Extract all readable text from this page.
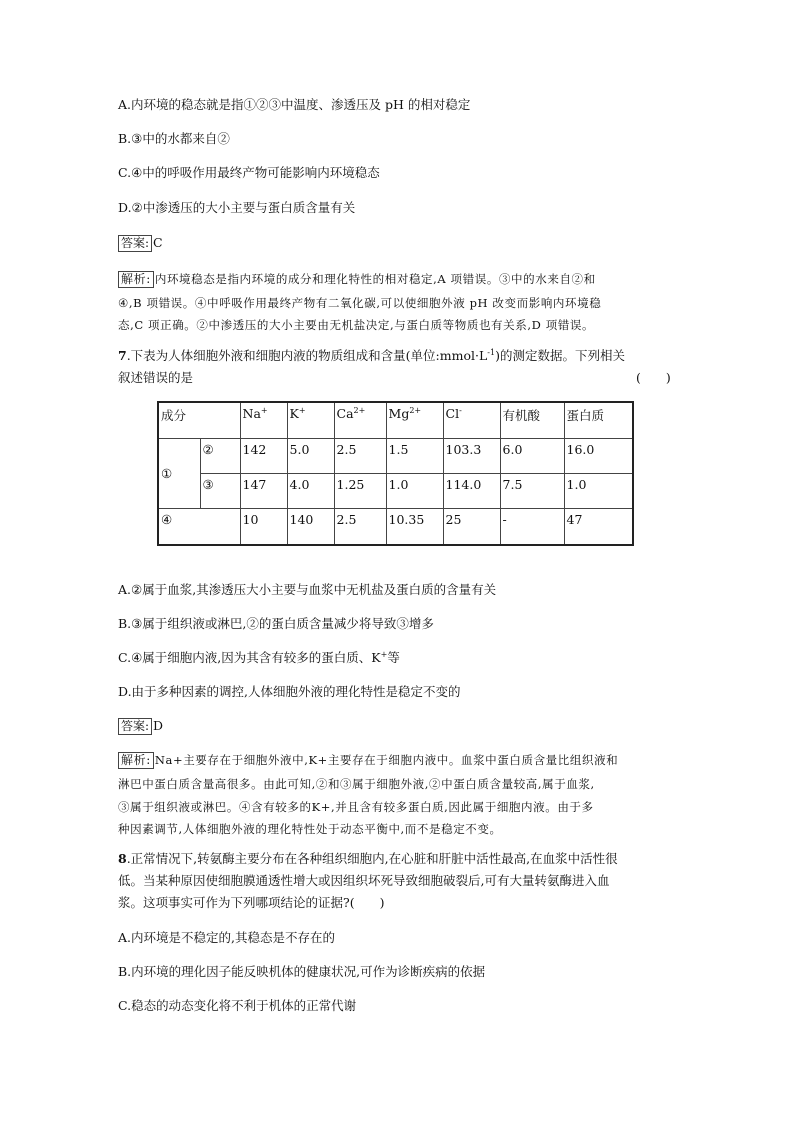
A.内环境的稳态就是指①②③中温度、渗透压及 pH 的相对稳定
B.③中的水都来自②
C.④中的呼吸作用最终产物可能影响内环境稳态
D.②中渗透压的大小主要与蛋白质含量有关
答案: C
解析: 内环境稳态是指内环境的成分和理化特性的相对稳定,A 项错误。③中的水来自②和
④,B 项错误。④中呼吸作用最终产物有二氧化碳,可以使细胞外液 pH 改变而影响内环境稳
态,C 项正确。②中渗透压的大小主要由无机盐决定,与蛋白质等物质也有关系,D 项错误。
7.下表为人体细胞外液和细胞内液的物质组成和含量(单位$:mmol\cdot L^{-1}$)的测定数据。下列相关
叙述错误的是	(　　)
成分		Na+	K+	$Ca^{2+}$	$Mg^{2+}$	Cl-	有机酸	蛋白质
①	②	142	5.0	2.5	1.5	103.3	6.0	16.0
	③	147	4.0	1.25	1.0	114.0	7.5	1.0
④		10	140	2.5	10.35	25	-	47
A.②属于血浆,其渗透压大小主要与血浆中无机盐及蛋白质的含量有关
B.③属于组织液或淋巴,②的蛋白质含量减少将导致③增多
C.④属于细胞内液,因为其含有较多的蛋白质、K+等
D.由于多种因素的调控,人体细胞外液的理化特性是稳定不变的
答案: D
解析: Na+主要存在于细胞外液中,K+主要存在于细胞内液中。血浆中蛋白质含量比组织液和
淋巴中蛋白质含量高很多。由此可知,②和③属于细胞外液,②中蛋白质含量较高,属于血浆,
③属于组织液或淋巴。④含有较多的K+,并且含有较多蛋白质,因此属于细胞内液。由于多
种因素调节,人体细胞外液的理化特性处于动态平衡中,而不是稳定不变。
8.正常情况下,转氨酶主要分布在各种组织细胞内,在心脏和肝脏中活性最高,在血浆中活性很
低。当某种原因使细胞膜通透性增大或因组织坏死导致细胞破裂后,可有大量转氨酶进入血
浆。这项事实可作为下列哪项结论的证据?(　　)
A.内环境是不稳定的,其稳态是不存在的
B.内环境的理化因子能反映机体的健康状况,可作为诊断疾病的依据
C.稳态的动态变化将不利于机体的正常代谢
